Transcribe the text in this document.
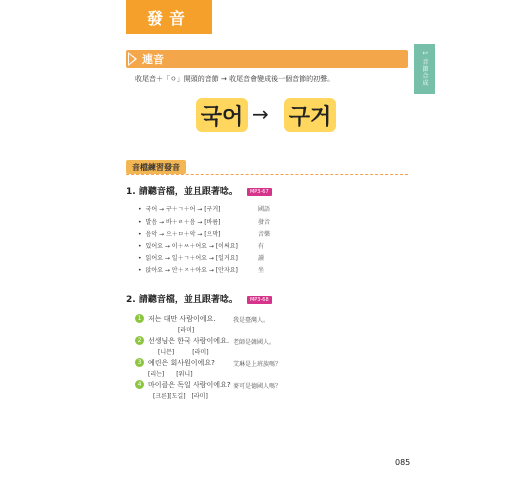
發音
1 音節合成
連音
收尾音＋「ㅇ」開頭的音節 → 收尾音會變成後一個音節的初聲。
국어 → 구거
音檔練習發音
1. 請聽音檔，並且跟著唸。 MP3-67
• 국어 → 구＋ㄱ＋어 → [구거]	國語
• 발음 → 바＋ㄹ＋음 → [바름]	發音
• 음악 → 으＋ㅁ＋악 → [으막]	音樂
• 있어요 → 이＋ㅆ＋어요 → [이써요]	有
• 읽어요 → 일＋ㄱ＋어요 → [일거요]	讀
• 앉아요 → 안＋ㅈ＋아요 → [안자요]	坐
2. 請聽音檔，並且跟著唸。 MP3-68
1 저는 대만 사람이에요.
[라미]
我是臺灣人。
2 선생님은 한국 사람이에요.
[니믄]　　　[라미]
老師是韓國人。
3 예린은 회사원이에요?
[리는]　　[워니]
艾琳是上班族嗎？
4 마이클은 독일 사람이에요?
[크른][도길]　[라미]
麥可是德國人嗎？
085
